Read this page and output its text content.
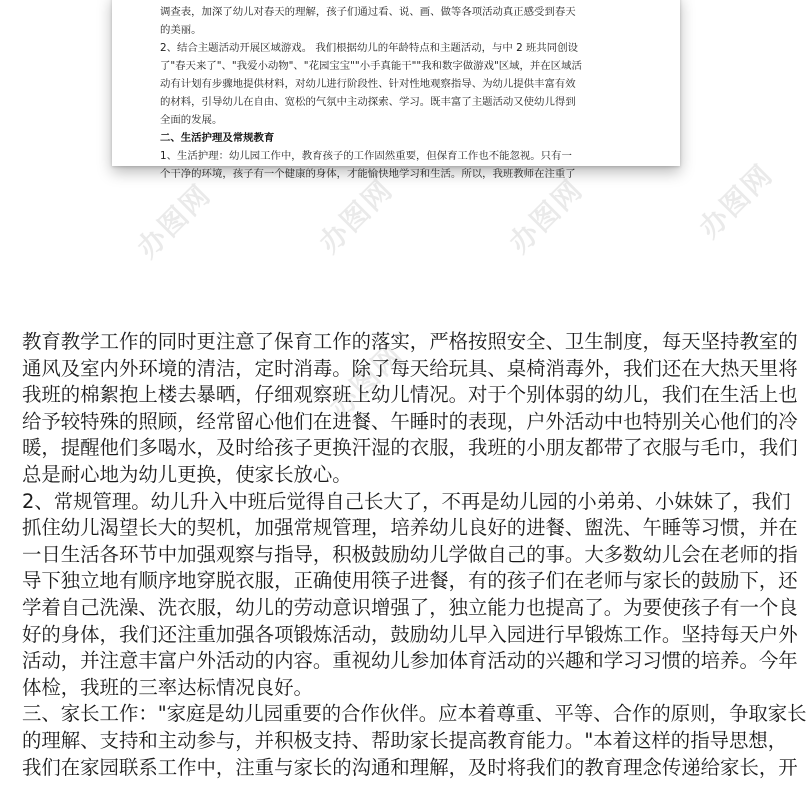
调查表，加深了幼儿对春天的理解，孩子们通过看、说、画、做等各项活动真正感受到春天
的美丽。
2、结合主题活动开展区域游戏。 我们根据幼儿的年龄特点和主题活动，与中 2 班共同创设
了"春天来了"、"我爱小动物"、"花园宝宝""小手真能干""我和数字做游戏"区域，并在区域活
动有计划有步骤地提供材料，对幼儿进行阶段性、针对性地观察指导、为幼儿提供丰富有效
的材料，引导幼儿在自由、宽松的气氛中主动探索、学习。既丰富了主题活动又使幼儿得到
全面的发展。
二、生活护理及常规教育
1、生活护理：幼儿园工作中，教育孩子的工作固然重要，但保育工作也不能忽视。只有一
个干净的环境，孩子有一个健康的身体，才能愉快地学习和生活。所以，我班教师在注重了
办图网	办图网	办图网	办图网
办图网
教育教学工作的同时更注意了保育工作的落实，严格按照安全、卫生制度，每天坚持教室的
通风及室内外环境的清洁，定时消毒。除了每天给玩具、桌椅消毒外，我们还在大热天里将
我班的棉絮抱上楼去暴晒，仔细观察班上幼儿情况。对于个别体弱的幼儿，我们在生活上也
给予较特殊的照顾，经常留心他们在进餐、午睡时的表现，户外活动中也特别关心他们的冷
暖，提醒他们多喝水，及时给孩子更换汗湿的衣服，我班的小朋友都带了衣服与毛巾，我们
总是耐心地为幼儿更换，使家长放心。
2、常规管理。幼儿升入中班后觉得自己长大了，不再是幼儿园的小弟弟、小妹妹了，我们
抓住幼儿渴望长大的契机，加强常规管理，培养幼儿良好的进餐、盥洗、午睡等习惯，并在
一日生活各环节中加强观察与指导，积极鼓励幼儿学做自己的事。大多数幼儿会在老师的指
导下独立地有顺序地穿脱衣服，正确使用筷子进餐，有的孩子们在老师与家长的鼓励下，还
学着自己洗澡、洗衣服，幼儿的劳动意识增强了，独立能力也提高了。为要使孩子有一个良
好的身体，我们还注重加强各项锻炼活动，鼓励幼儿早入园进行早锻炼工作。坚持每天户外
活动，并注意丰富户外活动的内容。重视幼儿参加体育活动的兴趣和学习习惯的培养。今年
体检，我班的三率达标情况良好。
三、家长工作："家庭是幼儿园重要的合作伙伴。应本着尊重、平等、合作的原则，争取家长
的理解、支持和主动参与，并积极支持、帮助家长提高教育能力。"本着这样的指导思想，
我们在家园联系工作中，注重与家长的沟通和理解，及时将我们的教育理念传递给家长，开
